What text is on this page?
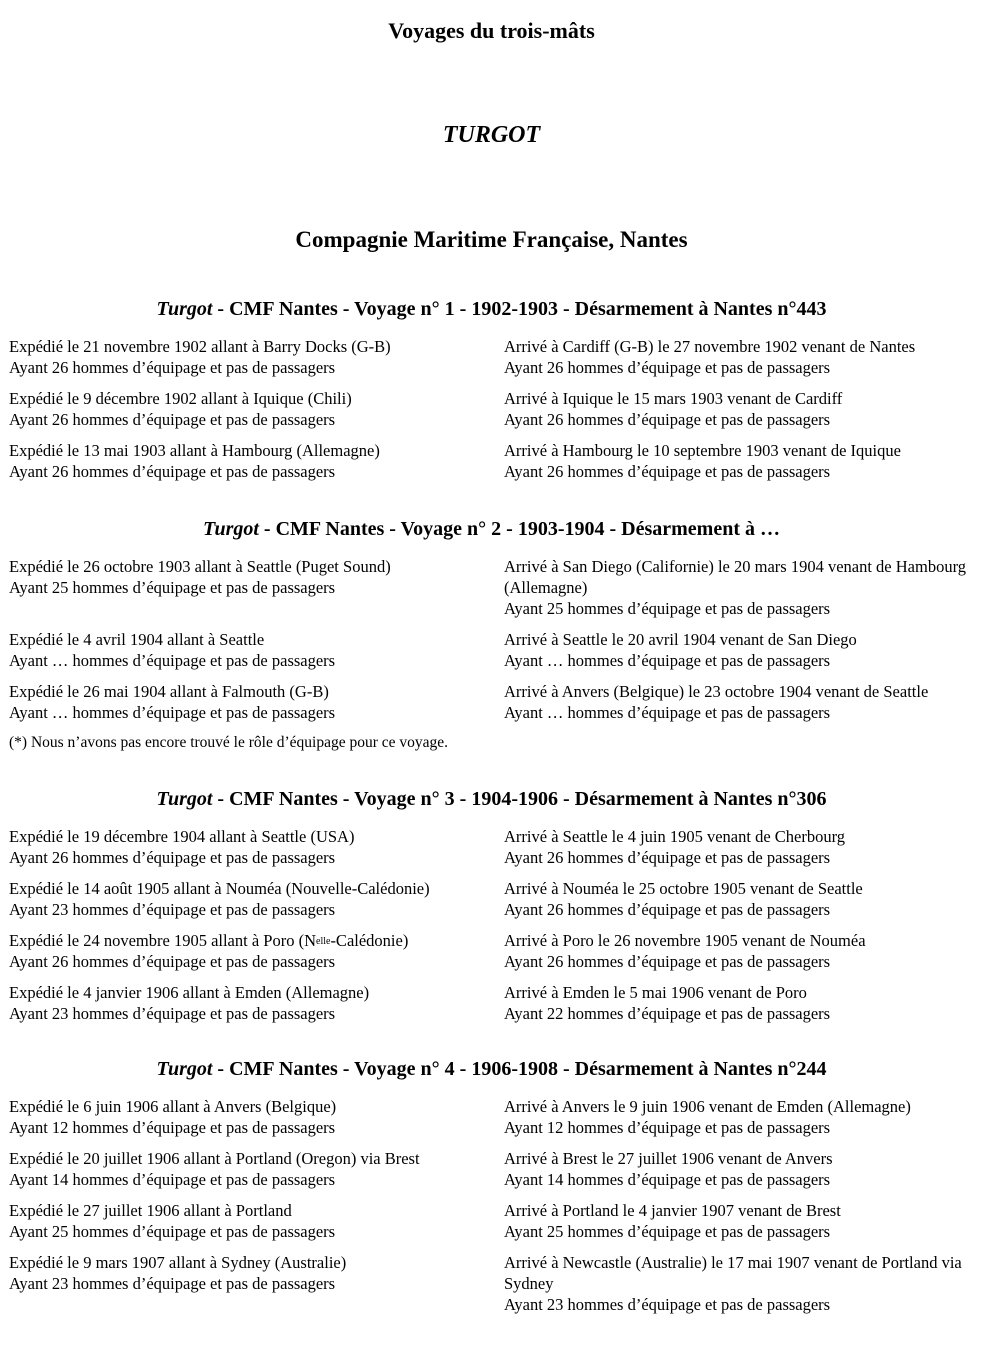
Voyages du trois-mâts
TURGOT
Compagnie Maritime Française, Nantes
Turgot - CMF Nantes - Voyage n° 1 - 1902-1903 - Désarmement à Nantes n°443
Expédié le 21 novembre 1902 allant à Barry Docks (G-B)
Ayant 26 hommes d’équipage et pas de passagers
Arrivé à Cardiff (G-B) le 27 novembre 1902 venant de Nantes
Ayant 26 hommes d’équipage et pas de passagers
Expédié le 9 décembre 1902 allant à Iquique (Chili)
Ayant 26 hommes d’équipage et pas de passagers
Arrivé à Iquique le 15 mars 1903 venant de Cardiff
Ayant 26 hommes d’équipage et pas de passagers
Expédié le 13 mai 1903 allant à Hambourg (Allemagne)
Ayant 26 hommes d’équipage et pas de passagers
Arrivé à Hambourg le 10 septembre 1903 venant de Iquique
Ayant 26 hommes d’équipage et pas de passagers
Turgot - CMF Nantes - Voyage n° 2 - 1903-1904 - Désarmement à …
Expédié le 26 octobre 1903 allant à Seattle (Puget Sound)
Ayant 25 hommes d’équipage et pas de passagers
Arrivé à San Diego (Californie) le 20 mars 1904 venant de Hambourg (Allemagne)
Ayant 25 hommes d’équipage et pas de passagers
Expédié le 4 avril 1904 allant à Seattle
Ayant … hommes d’équipage et pas de passagers
Arrivé à Seattle le 20 avril 1904 venant de San Diego
Ayant … hommes d’équipage et pas de passagers
Expédié le 26 mai 1904 allant à Falmouth (G-B)
Ayant … hommes d’équipage et pas de passagers
Arrivé à Anvers (Belgique) le 23 octobre 1904 venant de Seattle
Ayant … hommes d’équipage et pas de passagers
(*) Nous n’avons pas encore trouvé le rôle d’équipage pour ce voyage.
Turgot - CMF Nantes - Voyage n° 3 - 1904-1906 - Désarmement à Nantes n°306
Expédié le 19 décembre 1904 allant à Seattle (USA)
Ayant 26 hommes d’équipage et pas de passagers
Arrivé à Seattle le 4 juin 1905 venant de Cherbourg
Ayant 26 hommes d’équipage et pas de passagers
Expédié le 14 août 1905 allant à Nouméa (Nouvelle-Calédonie)
Ayant 23 hommes d’équipage et pas de passagers
Arrivé à Nouméa le 25 octobre 1905 venant de Seattle
Ayant 26 hommes d’équipage et pas de passagers
Expédié le 24 novembre 1905 allant à Poro $(N^{elle}-Calédonie)$
Ayant 26 hommes d’équipage et pas de passagers
Arrivé à Poro le 26 novembre 1905 venant de Nouméa
Ayant 26 hommes d’équipage et pas de passagers
Expédié le 4 janvier 1906 allant à Emden (Allemagne)
Ayant 23 hommes d’équipage et pas de passagers
Arrivé à Emden le 5 mai 1906 venant de Poro
Ayant 22 hommes d’équipage et pas de passagers
Turgot - CMF Nantes - Voyage n° 4 - 1906-1908 - Désarmement à Nantes n°244
Expédié le 6 juin 1906 allant à Anvers (Belgique)
Ayant 12 hommes d’équipage et pas de passagers
Arrivé à Anvers le 9 juin 1906 venant de Emden (Allemagne)
Ayant 12 hommes d’équipage et pas de passagers
Expédié le 20 juillet 1906 allant à Portland (Oregon) via Brest
Ayant 14 hommes d’équipage et pas de passagers
Arrivé à Brest le 27 juillet 1906 venant de Anvers
Ayant 14 hommes d’équipage et pas de passagers
Expédié le 27 juillet 1906 allant à Portland
Ayant 25 hommes d’équipage et pas de passagers
Arrivé à Portland le 4 janvier 1907 venant de Brest
Ayant 25 hommes d’équipage et pas de passagers
Expédié le 9 mars 1907 allant à Sydney (Australie)
Ayant 23 hommes d’équipage et pas de passagers
Arrivé à Newcastle (Australie) le 17 mai 1907 venant de Portland via Sydney
Ayant 23 hommes d’équipage et pas de passagers
